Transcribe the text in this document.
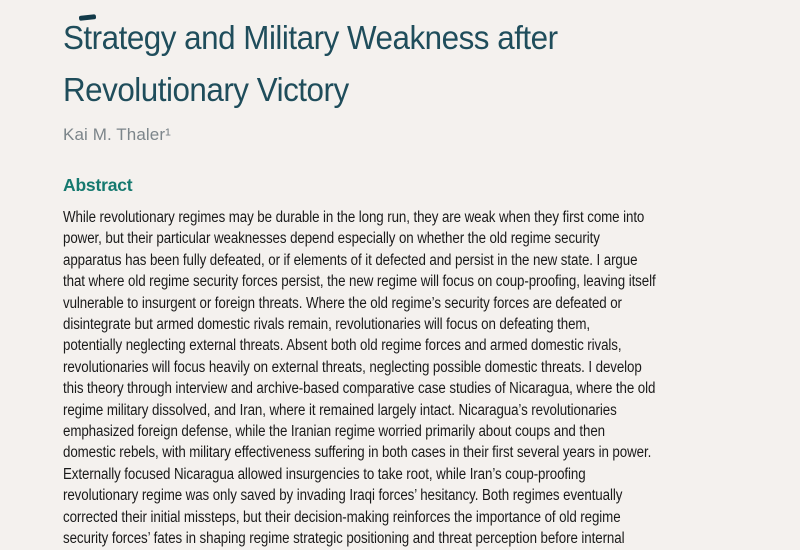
Strategy and Military Weakness after
Revolutionary Victory
Kai M. Thaler¹
Abstract
While revolutionary regimes may be durable in the long run, they are weak when they first come into
power, but their particular weaknesses depend especially on whether the old regime security
apparatus has been fully defeated, or if elements of it defected and persist in the new state. I argue
that where old regime security forces persist, the new regime will focus on coup-proofing, leaving itself
vulnerable to insurgent or foreign threats. Where the old regime’s security forces are defeated or
disintegrate but armed domestic rivals remain, revolutionaries will focus on defeating them,
potentially neglecting external threats. Absent both old regime forces and armed domestic rivals,
revolutionaries will focus heavily on external threats, neglecting possible domestic threats. I develop
this theory through interview and archive-based comparative case studies of Nicaragua, where the old
regime military dissolved, and Iran, where it remained largely intact. Nicaragua’s revolutionaries
emphasized foreign defense, while the Iranian regime worried primarily about coups and then
domestic rebels, with military effectiveness suffering in both cases in their first several years in power.
Externally focused Nicaragua allowed insurgencies to take root, while Iran’s coup-proofing
revolutionary regime was only saved by invading Iraqi forces’ hesitancy. Both regimes eventually
corrected their initial missteps, but their decision-making reinforces the importance of old regime
security forces’ fates in shaping regime strategic positioning and threat perception before internal
